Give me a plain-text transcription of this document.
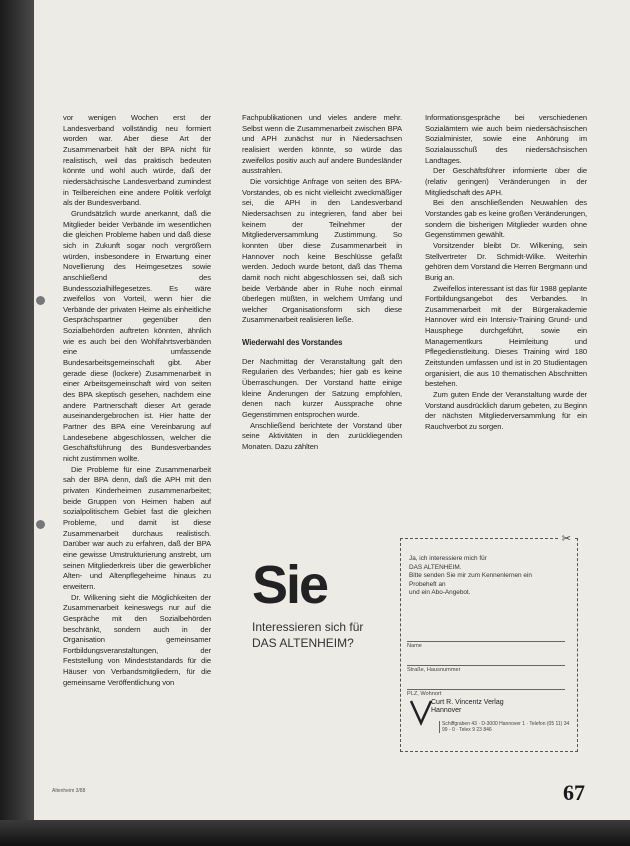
vor wenigen Wochen erst der Landesverband vollständig neu formiert worden war. Aber diese Art der Zusammenarbeit hält der BPA nicht für realistisch, weil das praktisch bedeuten könnte und wohl auch würde, daß der niedersächsische Landesverband zumindest in Teilbereichen eine andere Politik verfolgt als der Bundesverband.

Grundsätzlich wurde anerkannt, daß die Mitglieder beider Verbände im wesentlichen die gleichen Probleme haben und daß diese sich in Zukunft sogar noch vergrößern würden, insbesondere in Erwartung einer Novellierung des Heimgesetzes sowie anschließend des Bundessozialhilfegesetzes. Es wäre zweifellos von Vorteil, wenn hier die Verbände der privaten Heime als einheitliche Gesprächspartner gegenüber den Sozialbehörden auftreten könnten, ähnlich wie es auch bei den Wohlfahrtsverbänden eine umfassende Bundesarbeitsgemeinschaft gibt. Aber gerade diese (lockere) Zusammenarbeit in einer Arbeitsgemeinschaft wird von seiten des BPA skeptisch gesehen, nachdem eine andere Partnerschaft dieser Art gerade auseinandergebrochen ist. Hier hatte der Partner des BPA eine Vereinbarung auf Landesebene abgeschlossen, welcher die Geschäftsführung des Bundesverbandes nicht zustimmen wollte.

Die Probleme für eine Zusammenarbeit sah der BPA denn, daß die APH mit den privaten Kinderheimen zusammenarbeitet; beide Gruppen von Heimen haben auf sozialpolitischem Gebiet fast die gleichen Probleme, und damit ist diese Zusammenarbeit durchaus realistisch. Darüber war auch zu erfahren, daß der BPA eine gewisse Umstrukturierung anstrebt, um seinen Mitgliederkreis über die gewerblicher Alten- und Altenpflegeheime hinaus zu erweitern.

Dr. Wilkening sieht die Möglichkeiten der Zusammenarbeit keineswegs nur auf die Gespräche mit den Sozialbehörden beschränkt, sondern auch in der Organisation gemeinsamer Fortbildungsveranstaltungen, der Feststellung von Mindeststandards für die Häuser von Verbandsmitgliedern, für die gemeinsame Veröffentlichung von

Fachpublikationen und vieles andere mehr. Selbst wenn die Zusammenarbeit zwischen BPA und APH zunächst nur in Niedersachsen realisiert werden könnte, so würde das zweifellos positiv auch auf andere Bundesländer ausstrahlen.

Die vorsichtige Anfrage von seiten des BPA-Vorstandes, ob es nicht vielleicht zweckmäßiger sei, die APH in den Landesverband Niedersachsen zu integrieren, fand aber bei keinem der Teilnehmer der Mitgliederversammlung Zustimmung. So konnten über diese Zusammenarbeit in Hannover noch keine Beschlüsse gefaßt werden. Jedoch wurde betont, daß das Thema damit noch nicht abgeschlossen sei, daß sich beide Verbände aber in Ruhe noch einmal überlegen müßten, in welchem Umfang und welcher Organisationsform sich diese Zusammenarbeit realisieren ließe.

Wiederwahl des Vorstandes

Der Nachmittag der Veranstaltung galt den Regularien des Verbandes; hier gab es keine Überraschungen. Der Vorstand hatte einige kleine Änderungen der Satzung empfohlen, denen nach kurzer Aussprache ohne Gegenstimmen entsprochen wurde.

Anschließend berichtete der Vorstand über seine Aktivitäten in den zurückliegenden Monaten. Dazu zählten

Informationsgespräche bei verschiedenen Sozialämtern wie auch beim niedersächsischen Sozialminister, sowie eine Anhörung im Sozialausschuß des niedersächsischen Landtages.

Der Geschäftsführer informierte über die (relativ geringen) Veränderungen in der Mitgliedschaft des APH.

Bei den anschließenden Neuwahlen des Vorstandes gab es keine großen Veränderungen, sondern die bisherigen Mitglieder wurden ohne Gegenstimmen gewählt.

Vorsitzender bleibt Dr. Wilkening, sein Stellvertreter Dr. Schmidt-Wilke. Weiterhin gehören dem Vorstand die Herren Bergmann und Burig an.

Zweifellos interessant ist das für 1988 geplante Fortbildungsangebot des Verbandes. In Zusammenarbeit mit der Bürgerakademie Hannover wird ein Intensiv-Training Grund- und Hausphege durchgeführt, sowie ein Managementkurs Heimleitung und Pflegedienstleitung. Dieses Training wird 180 Zeitstunden umfassen und ist in 20 Studientagen organisiert, die aus 10 thematischen Abschnitten bestehen.

Zum guten Ende der Veranstaltung wurde der Vorstand ausdrücklich darum gebeten, zu Beginn der nächsten Mitgliederversammlung für ein Rauchverbot zu sorgen.

Sie
Interessieren sich für
DAS ALTENHEIM?
✂
Ja, ich interessiere mich für
DAS ALTENHEIM.
Bitte senden Sie mir zum Kennenlernen ein
Probeheft an
und ein Abo-Angebot.
Name
Straße, Hausnummer
PLZ, Wohnort
Curt R. Vincentz Verlag
Hannover
Schiffgraben 43 · D-3000 Hannover 1 · Telefon (05 11) 34 99 - 0 · Telex 9 23 846
Altenheim 3/88	67
